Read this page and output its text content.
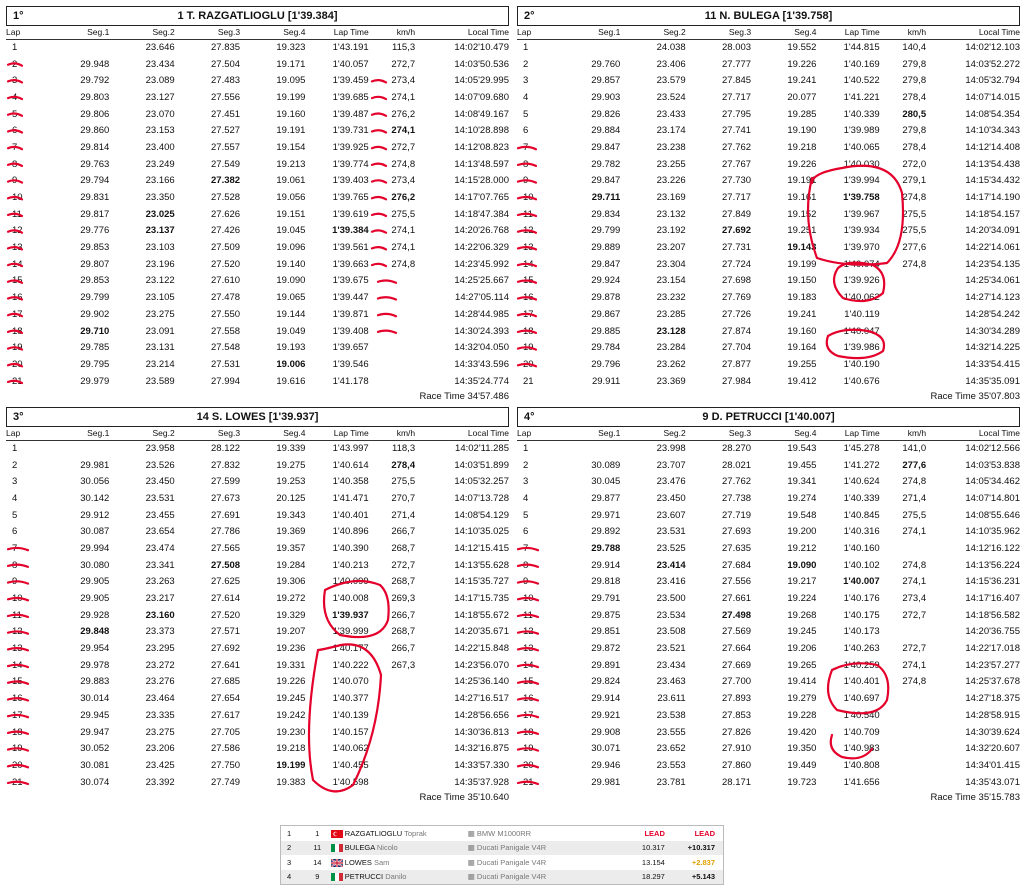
1°	1 T. RAZGATLIOGLU [1'39.384]
Lap	Seg.1	Seg.2	Seg.3	Seg.4	Lap Time	km/h	Local Time
1		23.646	27.835	19.323	1'43.191	115,3	14:02'10.479
2	29.948	23.434	27.504	19.171	1'40.057	272,7	14:03'50.536
3	29.792	23.089	27.483	19.095	1'39.459	273,4	14:05'29.995
4	29.803	23.127	27.556	19.199	1'39.685	274,1	14:07'09.680
5	29.806	23.070	27.451	19.160	1'39.487	276,2	14:08'49.167
6	29.860	23.153	27.527	19.191	1'39.731	274,1	14:10'28.898
7	29.814	23.400	27.557	19.154	1'39.925	272,7	14:12'08.823
8	29.763	23.249	27.549	19.213	1'39.774	274,8	14:13'48.597
9	29.794	23.166	27.382	19.061	1'39.403	273,4	14:15'28.000
10	29.831	23.350	27.528	19.056	1'39.765	276,2	14:17'07.765
11	29.817	23.025	27.626	19.151	1'39.619	275,5	14:18'47.384
12	29.776	23.137	27.426	19.045	1'39.384	274,1	14:20'26.768
13	29.853	23.103	27.509	19.096	1'39.561	274,1	14:22'06.329
14	29.807	23.196	27.520	19.140	1'39.663	274,8	14:23'45.992
15	29.853	23.122	27.610	19.090	1'39.675		14:25'25.667
16	29.799	23.105	27.478	19.065	1'39.447		14:27'05.114
17	29.902	23.275	27.550	19.144	1'39.871		14:28'44.985
18	29.710	23.091	27.558	19.049	1'39.408		14:30'24.393
19	29.785	23.131	27.548	19.193	1'39.657		14:32'04.050
20	29.795	23.214	27.531	19.006	1'39.546		14:33'43.596
21	29.979	23.589	27.994	19.616	1'41.178		14:35'24.774
Race Time 34'57.486
2°	11 N. BULEGA [1'39.758]
Lap	Seg.1	Seg.2	Seg.3	Seg.4	Lap Time	km/h	Local Time
1		24.038	28.003	19.552	1'44.815	140,4	14:02'12.103
2	29.760	23.406	27.777	19.226	1'40.169	279,8	14:03'52.272
3	29.857	23.579	27.845	19.241	1'40.522	279,8	14:05'32.794
4	29.903	23.524	27.717	20.077	1'41.221	278,4	14:07'14.015
5	29.826	23.433	27.795	19.285	1'40.339	280,5	14:08'54.354
6	29.884	23.174	27.741	19.190	1'39.989	279,8	14:10'34.343
7	29.847	23.238	27.762	19.218	1'40.065	278,4	14:12'14.408
8	29.782	23.255	27.767	19.226	1'40.030	272,0	14:13'54.438
9	29.847	23.226	27.730	19.191	1'39.994	279,1	14:15'34.432
10	29.711	23.169	27.717	19.161	1'39.758	274,8	14:17'14.190
11	29.834	23.132	27.849	19.152	1'39.967	275,5	14:18'54.157
12	29.799	23.192	27.692	19.251	1'39.934	275,5	14:20'34.091
13	29.889	23.207	27.731	19.143	1'39.970	277,6	14:22'14.061
14	29.847	23.304	27.724	19.199	1'40.074	274,8	14:23'54.135
15	29.924	23.154	27.698	19.150	1'39.926		14:25'34.061
16	29.878	23.232	27.769	19.183	1'40.062		14:27'14.123
17	29.867	23.285	27.726	19.241	1'40.119		14:28'54.242
18	29.885	23.128	27.874	19.160	1'40.047		14:30'34.289
19	29.784	23.284	27.704	19.164	1'39.986		14:32'14.225
20	29.796	23.262	27.877	19.255	1'40.190		14:33'54.415
21	29.911	23.369	27.984	19.412	1'40.676		14:35'35.091
Race Time 35'07.803
3°	14 S. LOWES [1'39.937]
Lap	Seg.1	Seg.2	Seg.3	Seg.4	Lap Time	km/h	Local Time
1		23.958	28.122	19.339	1'43.997	118,3	14:02'11.285
2	29.981	23.526	27.832	19.275	1'40.614	278,4	14:03'51.899
3	30.056	23.450	27.599	19.253	1'40.358	275,5	14:05'32.257
4	30.142	23.531	27.673	20.125	1'41.471	270,7	14:07'13.728
5	29.912	23.455	27.691	19.343	1'40.401	271,4	14:08'54.129
6	30.087	23.654	27.786	19.369	1'40.896	266,7	14:10'35.025
7	29.994	23.474	27.565	19.357	1'40.390	268,7	14:12'15.415
8	30.080	23.341	27.508	19.284	1'40.213	272,7	14:13'55.628
9	29.905	23.263	27.625	19.306	1'40.099	268,7	14:15'35.727
10	29.905	23.217	27.614	19.272	1'40.008	269,3	14:17'15.735
11	29.928	23.160	27.520	19.329	1'39.937	266,7	14:18'55.672
12	29.848	23.373	27.571	19.207	1'39.999	268,7	14:20'35.671
13	29.954	23.295	27.692	19.236	1'40.177	266,7	14:22'15.848
14	29.978	23.272	27.641	19.331	1'40.222	267,3	14:23'56.070
15	29.883	23.276	27.685	19.226	1'40.070		14:25'36.140
16	30.014	23.464	27.654	19.245	1'40.377		14:27'16.517
17	29.945	23.335	27.617	19.242	1'40.139		14:28'56.656
18	29.947	23.275	27.705	19.230	1'40.157		14:30'36.813
19	30.052	23.206	27.586	19.218	1'40.062		14:32'16.875
20	30.081	23.425	27.750	19.199	1'40.455		14:33'57.330
21	30.074	23.392	27.749	19.383	1'40.598		14:35'37.928
Race Time 35'10.640
4°	9 D. PETRUCCI [1'40.007]
Lap	Seg.1	Seg.2	Seg.3	Seg.4	Lap Time	km/h	Local Time
1		23.998	28.270	19.543	1'45.278	141,0	14:02'12.566
2	30.089	23.707	28.021	19.455	1'41.272	277,6	14:03'53.838
3	30.045	23.476	27.762	19.341	1'40.624	274,8	14:05'34.462
4	29.877	23.450	27.738	19.274	1'40.339	271,4	14:07'14.801
5	29.971	23.607	27.719	19.548	1'40.845	275,5	14:08'55.646
6	29.892	23.531	27.693	19.200	1'40.316	274,1	14:10'35.962
7	29.788	23.525	27.635	19.212	1'40.160		14:12'16.122
8	29.914	23.414	27.684	19.090	1'40.102	274,8	14:13'56.224
9	29.818	23.416	27.556	19.217	1'40.007	274,1	14:15'36.231
10	29.791	23.500	27.661	19.224	1'40.176	273,4	14:17'16.407
11	29.875	23.534	27.498	19.268	1'40.175	272,7	14:18'56.582
12	29.851	23.508	27.569	19.245	1'40.173		14:20'36.755
13	29.872	23.521	27.664	19.206	1'40.263	272,7	14:22'17.018
14	29.891	23.434	27.669	19.265	1'40.259	274,1	14:23'57.277
15	29.824	23.463	27.700	19.414	1'40.401	274,8	14:25'37.678
16	29.914	23.611	27.893	19.279	1'40.697		14:27'18.375
17	29.921	23.538	27.853	19.228	1'40.540		14:28'58.915
18	29.908	23.555	27.826	19.420	1'40.709		14:30'39.624
19	30.071	23.652	27.910	19.350	1'40.983		14:32'20.607
20	29.946	23.553	27.860	19.449	1'40.808		14:34'01.415
21	29.981	23.781	28.171	19.723	1'41.656		14:35'43.071
Race Time 35'15.783
1	1	RAZGATLIOGLU Toprak	▦ BMW M1000RR	LEAD	LEAD
2	11	BULEGA Nicolo	▦ Ducati Panigale V4R	10.317	+10.317
3	14	LOWES Sam	▦ Ducati Panigale V4R	13.154	+2.837
4	9	PETRUCCI Danilo	▦ Ducati Panigale V4R	18.297	+5.143
